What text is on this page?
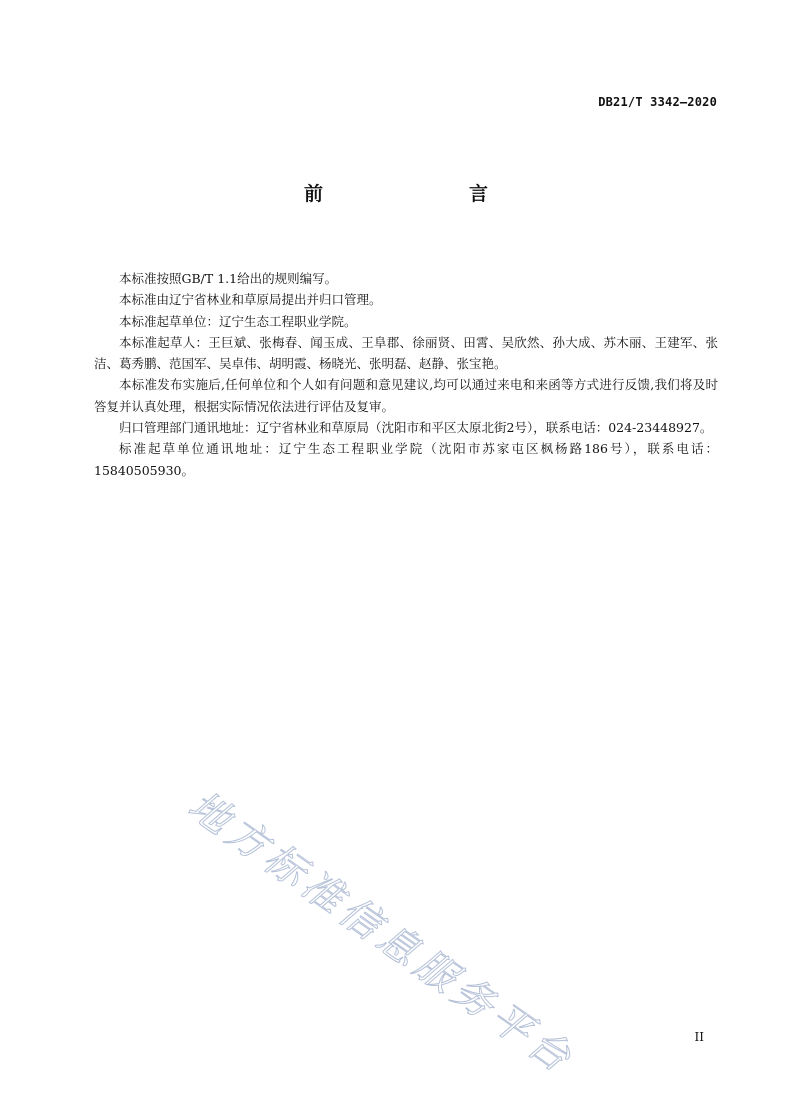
DB21/T 3342—2020
前　　言

本标准按照GB/T 1.1给出的规则编写。

本标准由辽宁省林业和草原局提出并归口管理。

本标准起草单位：辽宁生态工程职业学院。

本标准起草人：王巨斌、张梅春、闻玉成、王阜郡、徐丽贤、田霄、吴欣然、孙大成、苏木丽、王建军、张洁、葛秀鹏、范国军、吴卓伟、胡明霞、杨晓光、张明磊、赵静、张宝艳。

本标准发布实施后,任何单位和个人如有问题和意见建议,均可以通过来电和来函等方式进行反馈,我们将及时答复并认真处理，根据实际情况依法进行评估及复审。

归口管理部门通讯地址：辽宁省林业和草原局（沈阳市和平区太原北街2号），联系电话：024-23448927。

标准起草单位通讯地址：辽宁生态工程职业学院（沈阳市苏家屯区枫杨路186号），联系电话：15840505930。

地方标准信息服务平台	II
